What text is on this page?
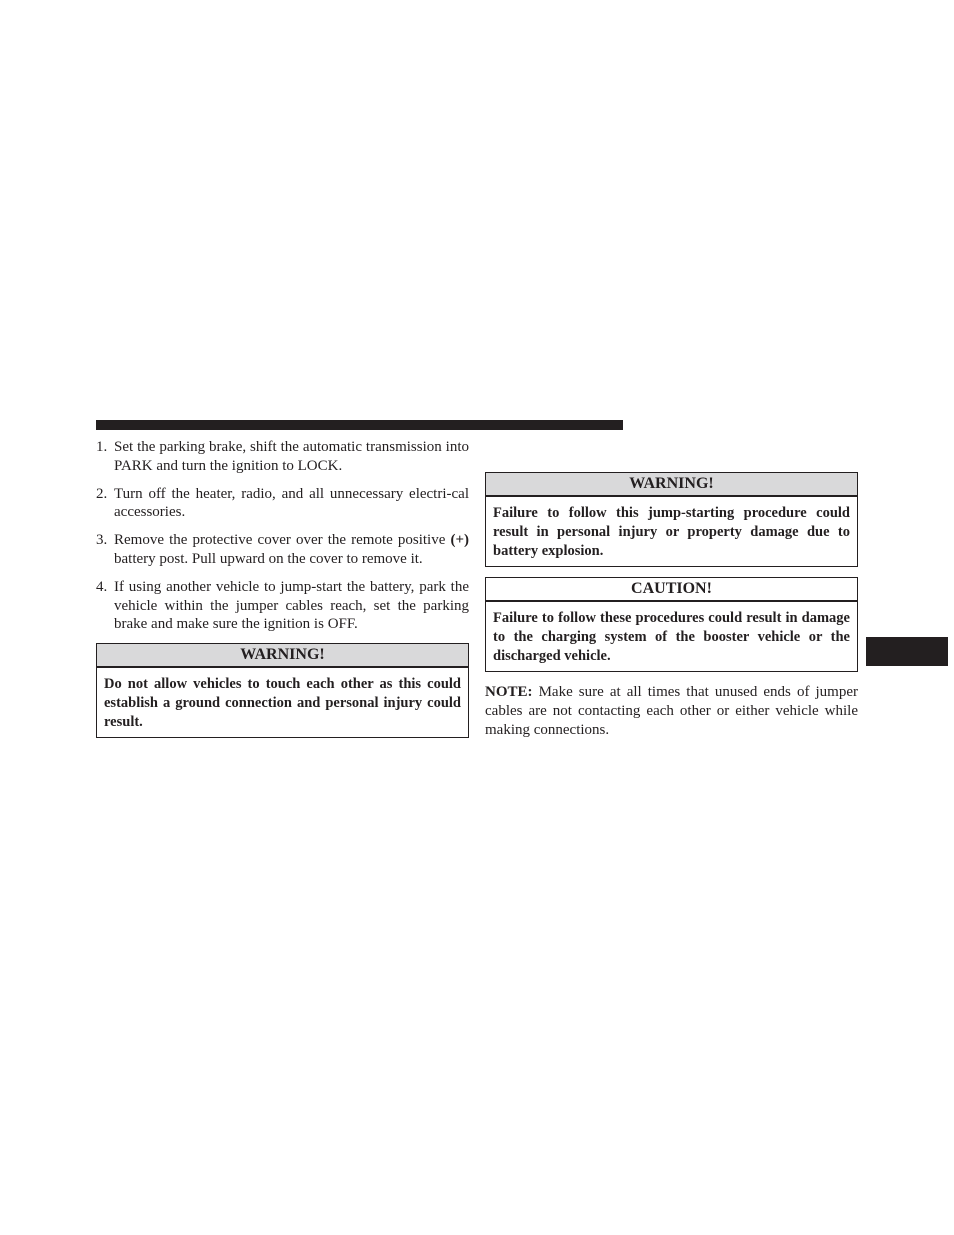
1. Set the parking brake, shift the automatic transmission into PARK and turn the ignition to LOCK.
2. Turn off the heater, radio, and all unnecessary electri-cal accessories.
3. Remove the protective cover over the remote positive (+) battery post. Pull upward on the cover to remove it.
4. If using another vehicle to jump-start the battery, park the vehicle within the jumper cables reach, set the parking brake and make sure the ignition is OFF.
WARNING!
Do not allow vehicles to touch each other as this could establish a ground connection and personal injury could result.
WARNING!
Failure to follow this jump-starting procedure could result in personal injury or property damage due to battery explosion.
CAUTION!
Failure to follow these procedures could result in damage to the charging system of the booster vehicle or the discharged vehicle.

NOTE: Make sure at all times that unused ends of jumper cables are not contacting each other or either vehicle while making connections.
